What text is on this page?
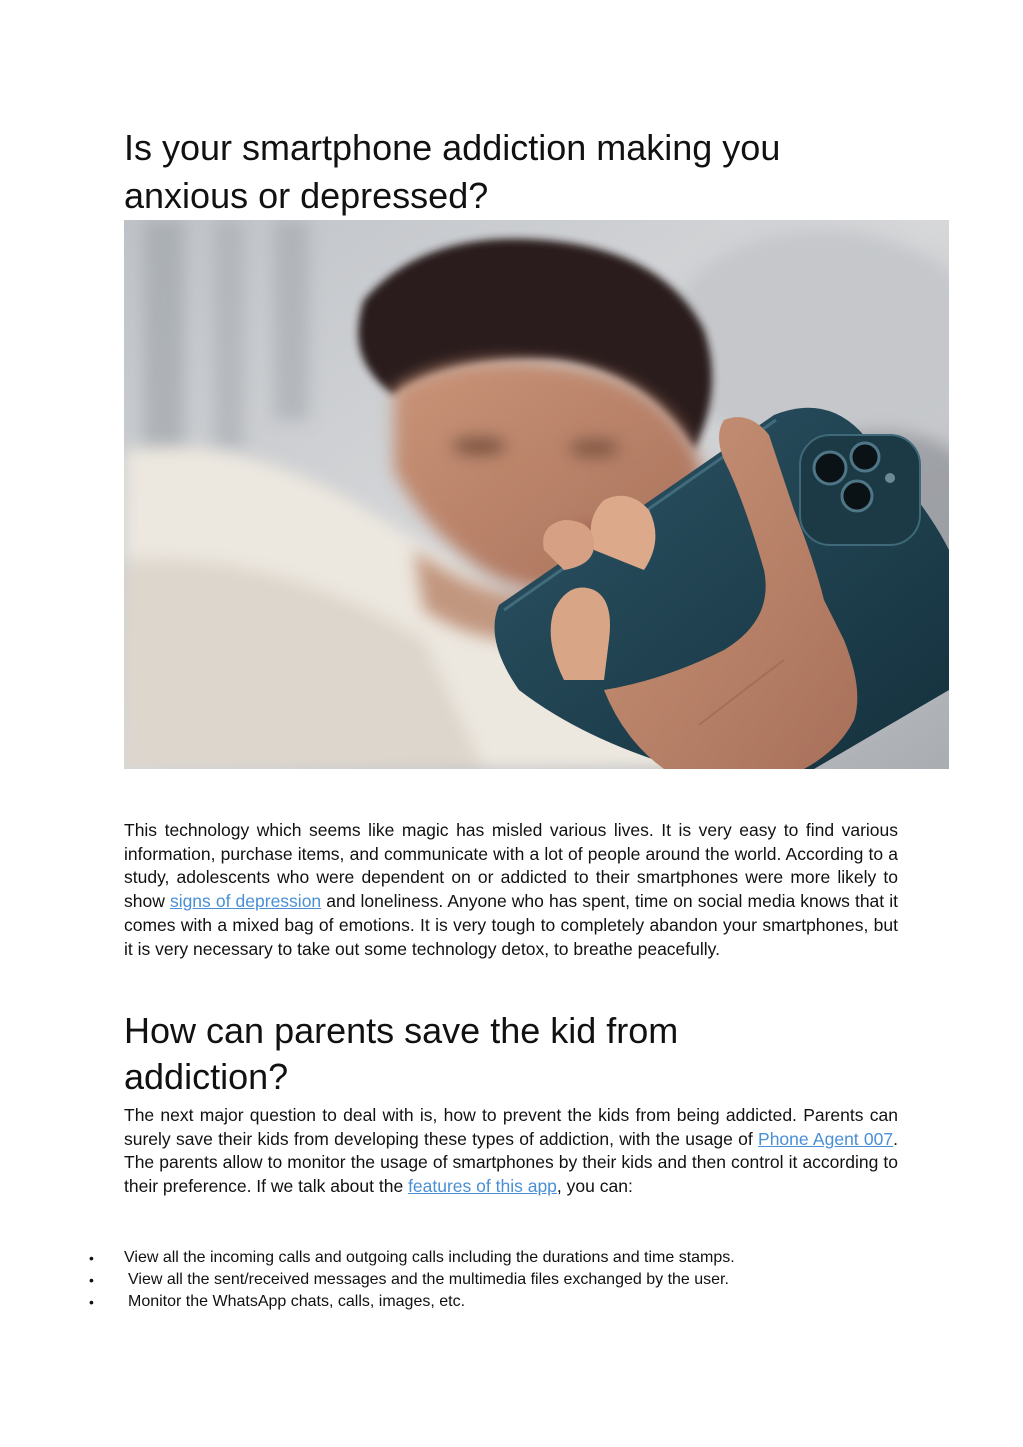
Is your smartphone addiction making you anxious or depressed?

This technology which seems like magic has misled various lives. It is very easy to find various information, purchase items, and communicate with a lot of people around the world. According to a study, adolescents who were dependent on or addicted to their smartphones were more likely to show signs of depression and loneliness. Anyone who has spent, time on social media knows that it comes with a mixed bag of emotions. It is very tough to completely abandon your smartphones, but it is very necessary to take out some technology detox, to breathe peacefully.

How can parents save the kid from addiction?

The next major question to deal with is, how to prevent the kids from being addicted. Parents can surely save their kids from developing these types of addiction, with the usage of Phone Agent 007. The parents allow to monitor the usage of smartphones by their kids and then control it according to their preference. If we talk about the features of this app, you can:

• View all the incoming calls and outgoing calls including the durations and time stamps.
• View all the sent/received messages and the multimedia files exchanged by the user.
• Monitor the WhatsApp chats, calls, images, etc.
